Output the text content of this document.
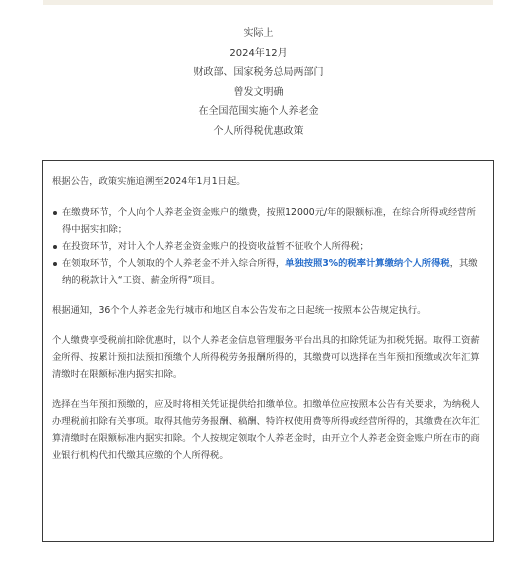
实际上
2024年12月
财政部、国家税务总局两部门
曾发文明确
在全国范围实施个人养老金
个人所得税优惠政策

根据公告，政策实施追溯至2024年1月1日起。

在缴费环节，个人向个人养老金资金账户的缴费，按照12000元/年的限额标准，在综合所得或经营所得中据实扣除；
在投资环节，对计入个人养老金资金账户的投资收益暂不征收个人所得税；
在领取环节，个人领取的个人养老金不并入综合所得，单独按照3%的税率计算缴纳个人所得税，其缴纳的税款计入“工资、薪金所得”项目。

根据通知，36个个人养老金先行城市和地区自本公告发布之日起统一按照本公告规定执行。

个人缴费享受税前扣除优惠时，以个人养老金信息管理服务平台出具的扣除凭证为扣税凭据。取得工资薪金所得、按累计预扣法预扣预缴个人所得税劳务报酬所得的，其缴费可以选择在当年预扣预缴或次年汇算清缴时在限额标准内据实扣除。

选择在当年预扣预缴的，应及时将相关凭证提供给扣缴单位。扣缴单位应按照本公告有关要求，为纳税人办理税前扣除有关事项。取得其他劳务报酬、稿酬、特许权使用费等所得或经营所得的，其缴费在次年汇算清缴时在限额标准内据实扣除。个人按规定领取个人养老金时，由开立个人养老金资金账户所在市的商业银行机构代扣代缴其应缴的个人所得税。
